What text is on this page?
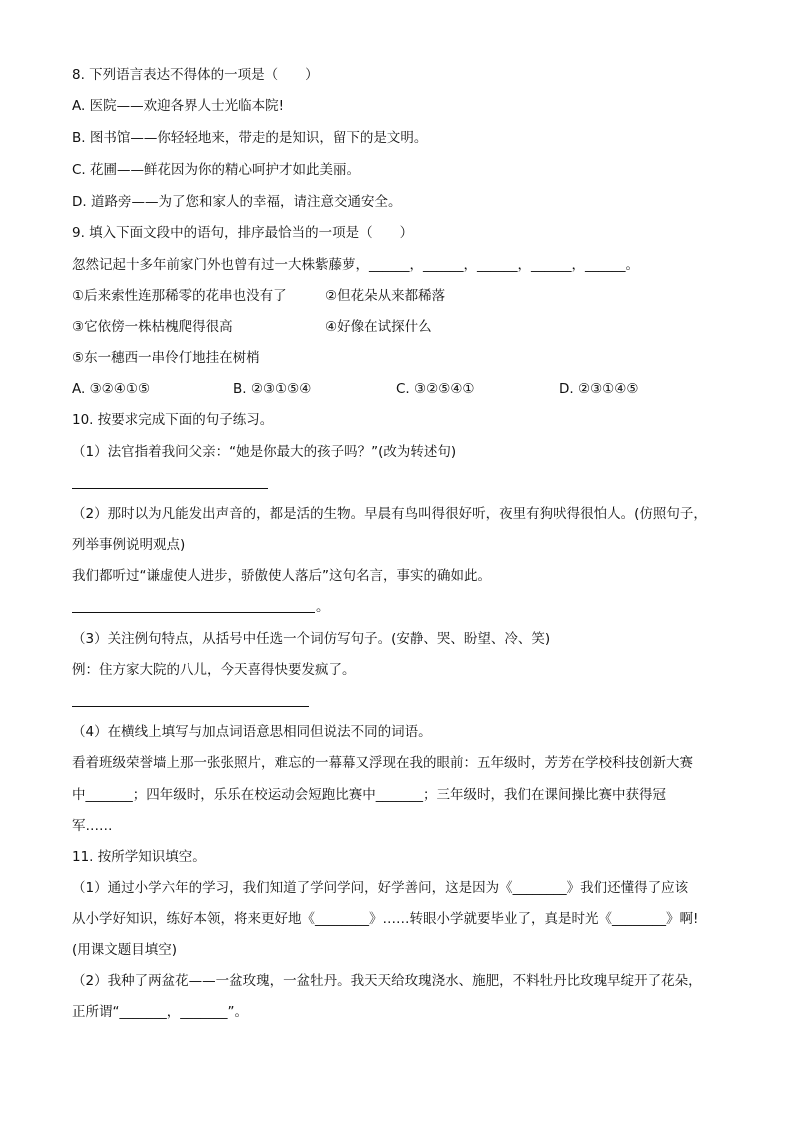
8. 下列语言表达不得体的一项是（　　）
A. 医院——欢迎各界人士光临本院!
B. 图书馆——你轻轻地来，带走的是知识，留下的是文明。
C. 花圃——鲜花因为你的精心呵护才如此美丽。
D. 道路旁——为了您和家人的幸福，请注意交通安全。
9. 填入下面文段中的语句，排序最恰当的一项是（　　）
忽然记起十多年前家门外也曾有过一大株紫藤萝，______，______，______，______，______。
①后来索性连那稀零的花串也没有了	②但花朵从来都稀落
③它依傍一株枯槐爬得很高	④好像在试探什么
⑤东一穗西一串伶仃地挂在树梢
A. ③②④①⑤	B. ②③①⑤④	C. ③②⑤④①	D. ②③①④⑤
10. 按要求完成下面的句子练习。
（1）法官指着我问父亲：“她是你最大的孩子吗？”(改为转述句)
（2）那时以为凡能发出声音的，都是活的生物。早晨有鸟叫得很好听，夜里有狗吠得很怕人。(仿照句子，
列举事例说明观点)
我们都听过“谦虚使人进步，骄傲使人落后”这句名言，事实的确如此。
。
（3）关注例句特点，从括号中任选一个词仿写句子。(安静、哭、盼望、冷、笑)
例：住方家大院的八儿，今天喜得快要发疯了。
（4）在横线上填写与加点词语意思相同但说法不同的词语。
看着班级荣誉墙上那一张张照片，难忘的一幕幕又浮现在我的眼前：五年级时，芳芳在学校科技创新大赛
中_______；四年级时，乐乐在校运动会短跑比赛中_______；三年级时，我们在课间操比赛中获得冠
军……
11. 按所学知识填空。
（1）通过小学六年的学习，我们知道了学问学问，好学善问，这是因为《________》我们还懂得了应该
从小学好知识，练好本领，将来更好地《________》……转眼小学就要毕业了，真是时光《________》啊!
(用课文题目填空)
（2）我种了两盆花——一盆玫瑰，一盆牡丹。我天天给玫瑰浇水、施肥，不料牡丹比玫瑰早绽开了花朵，
正所谓“_______，_______”。
